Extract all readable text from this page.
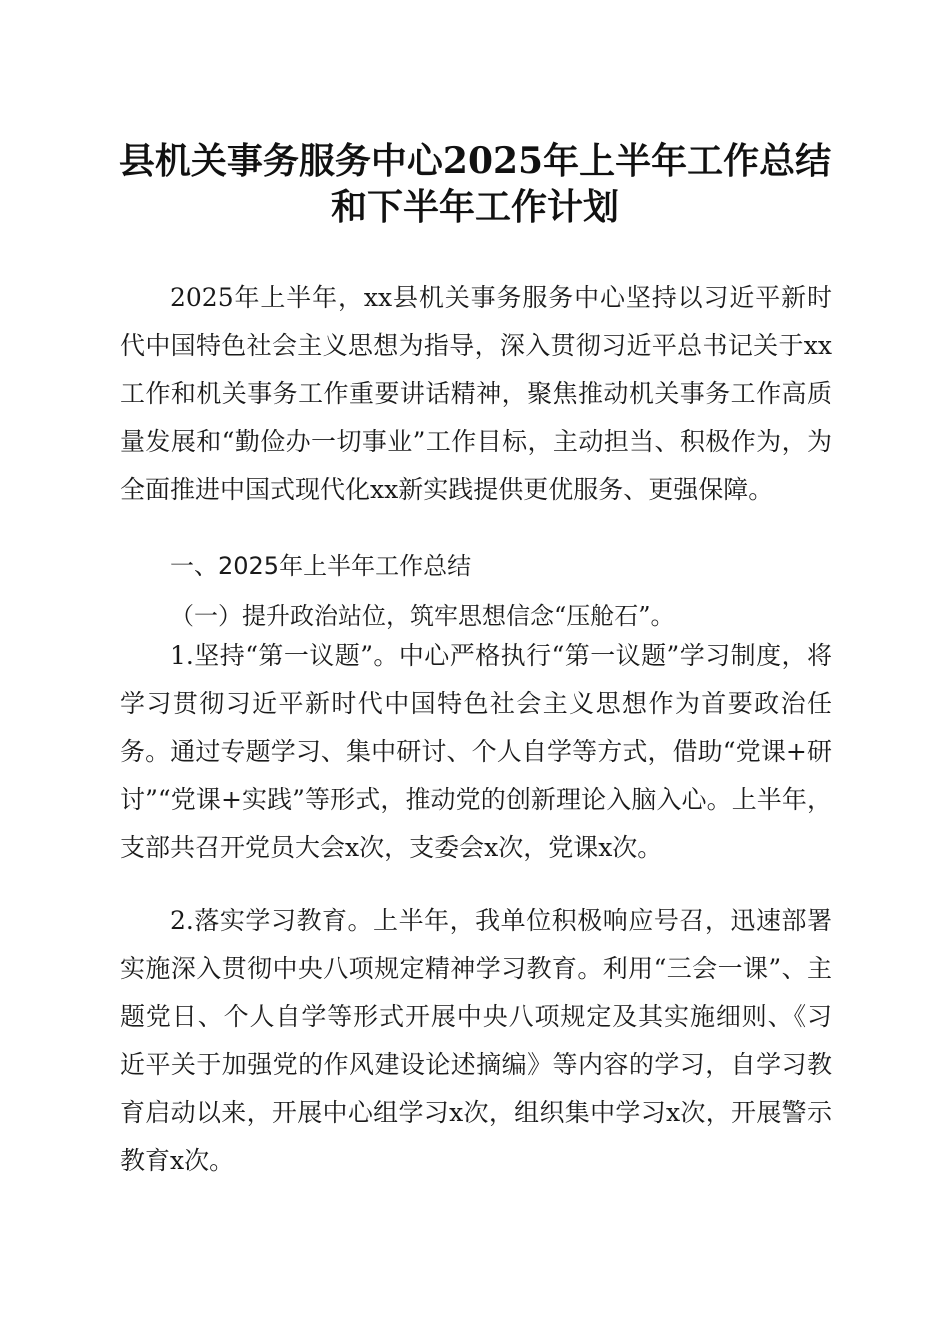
县机关事务服务中心2025年上半年工作总结
和下半年工作计划

2025年上半年，xx县机关事务服务中心坚持以习近平新时代中国特色社会主义思想为指导，深入贯彻习近平总书记关于xx工作和机关事务工作重要讲话精神，聚焦推动机关事务工作高质量发展和“勤俭办一切事业”工作目标，主动担当、积极作为，为全面推进中国式现代化xx新实践提供更优服务、更强保障。

一、2025年上半年工作总结

（一）提升政治站位，筑牢思想信念“压舱石”。

1.坚持“第一议题”。中心严格执行“第一议题”学习制度，将学习贯彻习近平新时代中国特色社会主义思想作为首要政治任务。通过专题学习、集中研讨、个人自学等方式，借助“党课+研讨”“党课+实践”等形式，推动党的创新理论入脑入心。上半年，支部共召开党员大会x次，支委会x次，党课x次。

2.落实学习教育。上半年，我单位积极响应号召，迅速部署实施深入贯彻中央八项规定精神学习教育。利用“三会一课”、主题党日、个人自学等形式开展中央八项规定及其实施细则、《习近平关于加强党的作风建设论述摘编》等内容的学习，自学习教育启动以来，开展中心组学习x次，组织集中学习x次，开展警示教育x次。
